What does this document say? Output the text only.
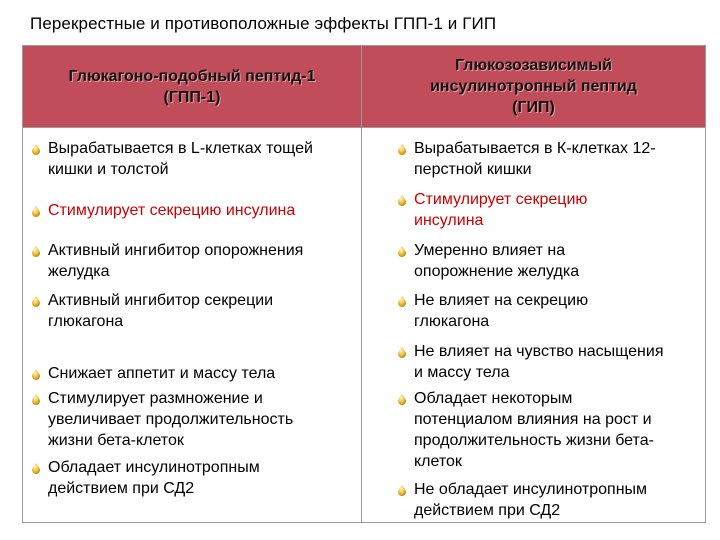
Перекрестные и противоположные эффекты ГПП-1 и ГИП
Глюкагоно-подобный пептид-1
(ГПП-1)
Глюкозозависимый
инсулинотропный пептид
(ГИП)
Вырабатывается в L-клетках тощей
кишки и толстой
Стимулирует секрецию инсулина
Активный ингибитор опорожнения
желудка
Активный ингибитор секреции
глюкагона
Снижает аппетит и массу тела
Стимулирует размножение и
увеличивает продолжительность
жизни бета-клеток
Обладает инсулинотропным
действием при СД2
Вырабатывается в К-клетках 12-
перстной кишки
Стимулирует секрецию
инсулина
Умеренно влияет на
опорожнение желудка
Не влияет на секрецию
глюкагона
Не влияет на чувство насыщения
и массу тела
Обладает некоторым
потенциалом влияния на рост и
продолжительность жизни бета-
клеток
Не обладает инсулинотропным
действием при СД2
